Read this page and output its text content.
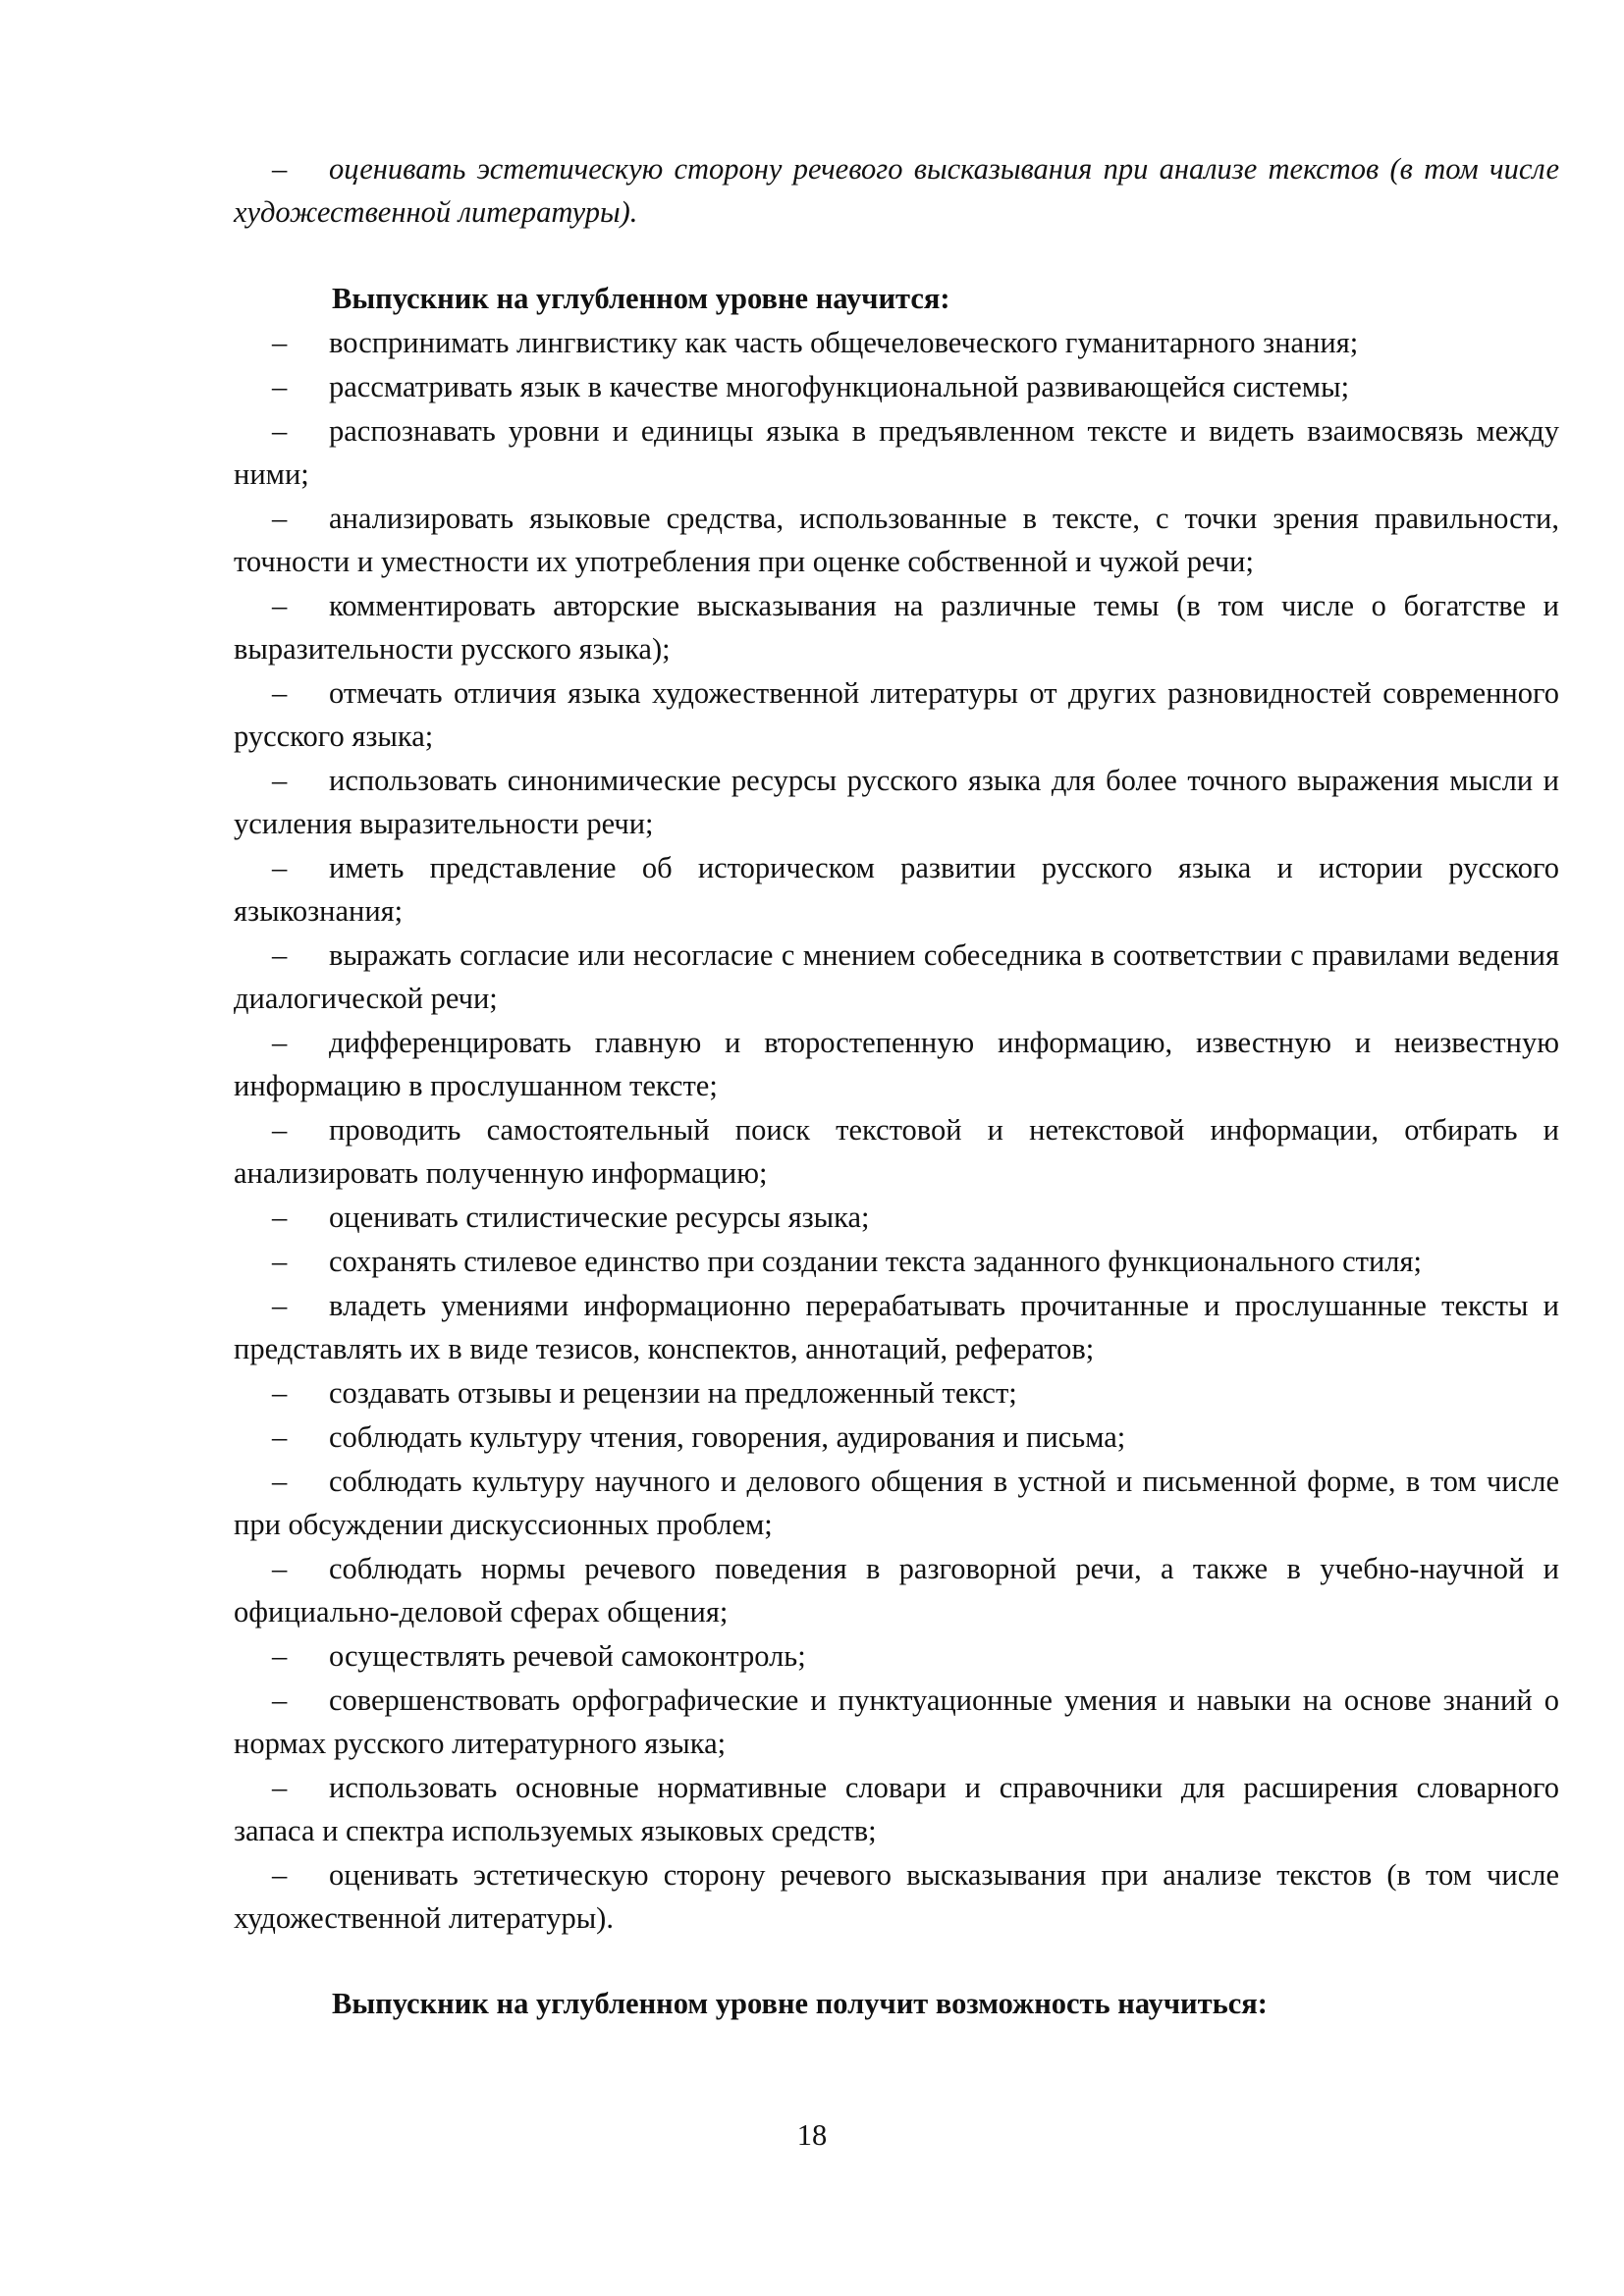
– оценивать эстетическую сторону речевого высказывания при анализе текстов (в том числе художественной литературы).

Выпускник на углубленном уровне научится:

– воспринимать лингвистику как часть общечеловеческого гуманитарного знания;

– рассматривать язык в качестве многофункциональной развивающейся системы;

– распознавать уровни и единицы языка в предъявленном тексте и видеть взаимосвязь между ними;

– анализировать языковые средства, использованные в тексте, с точки зрения правильности, точности и уместности их употребления при оценке собственной и чужой речи;

– комментировать авторские высказывания на различные темы (в том числе о богатстве и выразительности русского языка);

– отмечать отличия языка художественной литературы от других разновидностей современного русского языка;

– использовать синонимические ресурсы русского языка для более точного выражения мысли и усиления выразительности речи;

– иметь представление об историческом развитии русского языка и истории русского языкознания;

– выражать согласие или несогласие с мнением собеседника в соответствии с правилами ведения диалогической речи;

– дифференцировать главную и второстепенную информацию, известную и неизвестную информацию в прослушанном тексте;

– проводить самостоятельный поиск текстовой и нетекстовой информации, отбирать и анализировать полученную информацию;

– оценивать стилистические ресурсы языка;

– сохранять стилевое единство при создании текста заданного функционального стиля;

– владеть умениями информационно перерабатывать прочитанные и прослушанные тексты и представлять их в виде тезисов, конспектов, аннотаций, рефератов;

– создавать отзывы и рецензии на предложенный текст;

– соблюдать культуру чтения, говорения, аудирования и письма;

– соблюдать культуру научного и делового общения в устной и письменной форме, в том числе при обсуждении дискуссионных проблем;

– соблюдать нормы речевого поведения в разговорной речи, а также в учебно-научной и официально-деловой сферах общения;

– осуществлять речевой самоконтроль;

– совершенствовать орфографические и пунктуационные умения и навыки на основе знаний о нормах русского литературного языка;

– использовать основные нормативные словари и справочники для расширения словарного запаса и спектра используемых языковых средств;

– оценивать эстетическую сторону речевого высказывания при анализе текстов (в том числе художественной литературы).

Выпускник на углубленном уровне получит возможность научиться:

18
